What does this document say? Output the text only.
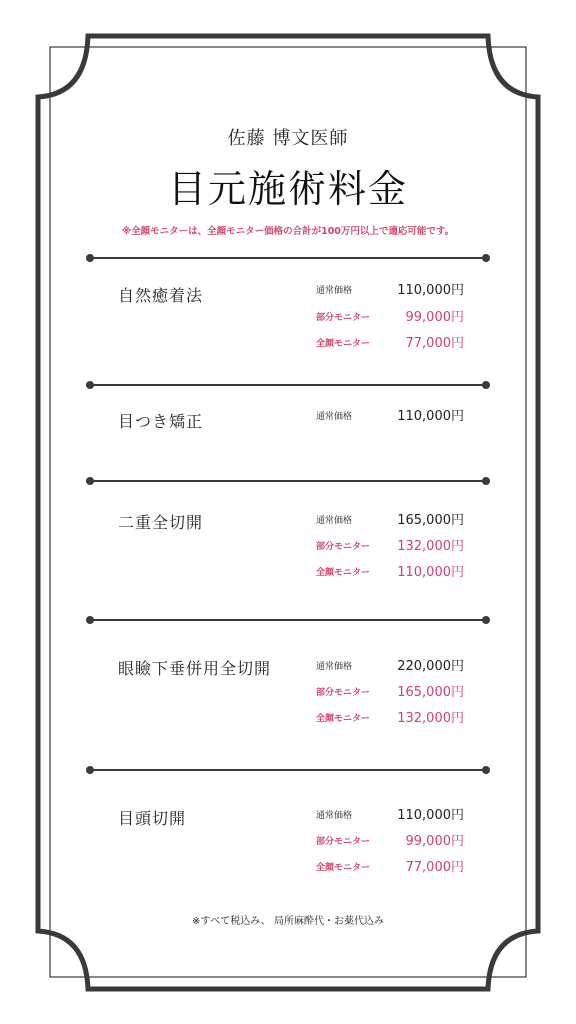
佐藤 博文医師
目元施術料金
※全顔モニターは、全顔モニター価格の合計が100万円以上で適応可能です。
自然癒着法	通常価格	110,000円
部分モニター	99,000円
全顔モニター	77,000円
目つき矯正	通常価格	110,000円
二重全切開	通常価格	165,000円
部分モニター	132,000円
全顔モニター	110,000円
眼瞼下垂併用全切開	通常価格	220,000円
部分モニター	165,000円
全顔モニター	132,000円
目頭切開	通常価格	110,000円
部分モニター	99,000円
全顔モニター	77,000円
※すべて税込み、 局所麻酔代・お薬代込み
